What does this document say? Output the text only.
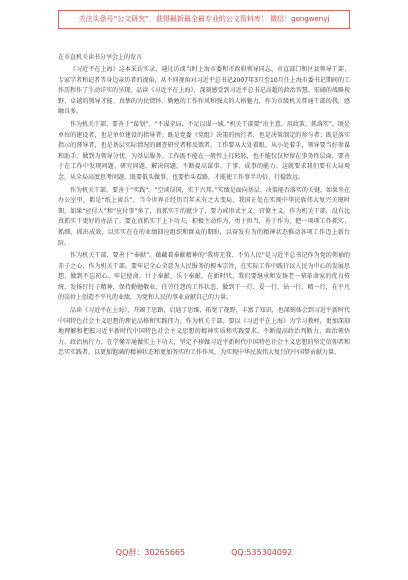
关注头条号“公文研究”，获得最新最全最专业的公文资料库！ 微信：gongwenyj
在市直机关读书分享会上的发言

《习近平在上海》这本采访实录，通过访谈当时上海市委和市政府领导同志、市直部门和区县领导干部、专家学者和记者等身边亲历者的视角，从不同视角对习近平总书记2007年3月至10月任上海市委书记期间的工作历程作了生动详实的呈现。品读《习近平在上海》，深刻感受到习近平总书记高超的政治智慧、宏阔的战略视野、卓越的领导才能、真挚的为民情怀、勤勉的工作作风和强大的人格魅力，作为市级机关普通干部的我，感触良多。

作为机关干部，要善于“谋划”。“不谋全局，不足以谋一域。”机关干部要“出主意、用政策、抓落实”，既是单位的建设者，也是单位建设的指导者；既是党委《党组》决策的执行者，也是决策制定的参与者；既是落实指示的督导者，也是基层实际情况的调查研究者和反馈者。工作要从大处着眼，从小处着手，领导要当好参谋和助手，做到为领导分忧、为基层服务。工作既不能在一般性上打转转，也不能仅仅停留在事务性层面，要善于在工作中发现问题、研究问题、解决问题，不断提高谋事、干事、成事的能力。这就要求我们要有大局观念，从全局高度思考问题，既要低头做事，也要抬头看路，才能使工作事半功倍、行稳致远。

作为机关干部，要善于“实践”。“空谈误国，实干兴邦。”实绩是面向基层、决策能否落实的关键。如果坐在办公室里，都是“纸上谈兵”，当今世界正经历百年未有之大变局，我国正处在实现中华民族伟大复兴关键时期，如果“应付人”和“应付事”多了，真抓实干的就少了，要力戒形式主义、官僚主义。作为机关干部，没有比真抓实干更好的办法了。要在真抓实干上下功夫，积极主动作为，勇于担当，善于作为，把一项项工作抓实、抓细、抓出成效，以实实在在的业绩回应组织和群众的期盼，以奋发有为的精神状态推动各项工作迈上新台阶。

作为机关干部，要善于“奉献”。蕴藏着奉献精神的“我将无我、不负人民”是习近平总书记作为党的领袖的赤子之心，作为机关干部，要牢记全心全意为人民服务的根本宗旨，在实际工作中践行以人民为中心的发展思想，做到不忘初心、牢记使命，甘于奉献、乐于奉献。在新时代，我们要继承和发扬老一辈革命家的优良传统，发扬钉钉子精神，保持勤勉敬业、任劳任怨的工作状态，做到干一行、爱一行、钻一行、精一行，在平凡的岗位上创造不平凡的业绩，为党和人民的事业贡献自己的力量。

品读《习近平在上海》，开阔了思路，启迪了思维，拓宽了视野，丰富了知识，也深刻体会到习近平新时代中国特色社会主义思想的理论品格和实践伟力。作为机关干部，要以《习近平在上海》为学习教材，更加深刻地理解和把握习近平新时代中国特色社会主义思想的精神实质和实践要求，不断提高政治判断力、政治领悟力、政治执行力，在学懂弄通做实上下功夫，坚定不移做习近平新时代中国特色社会主义思想的坚定信仰者和忠实实践者，以更加饱满的精神状态和更加务实的工作作风，为实现中华民族伟大复兴的中国梦贡献力量。

QQ群：30265665	QQ:535304092
